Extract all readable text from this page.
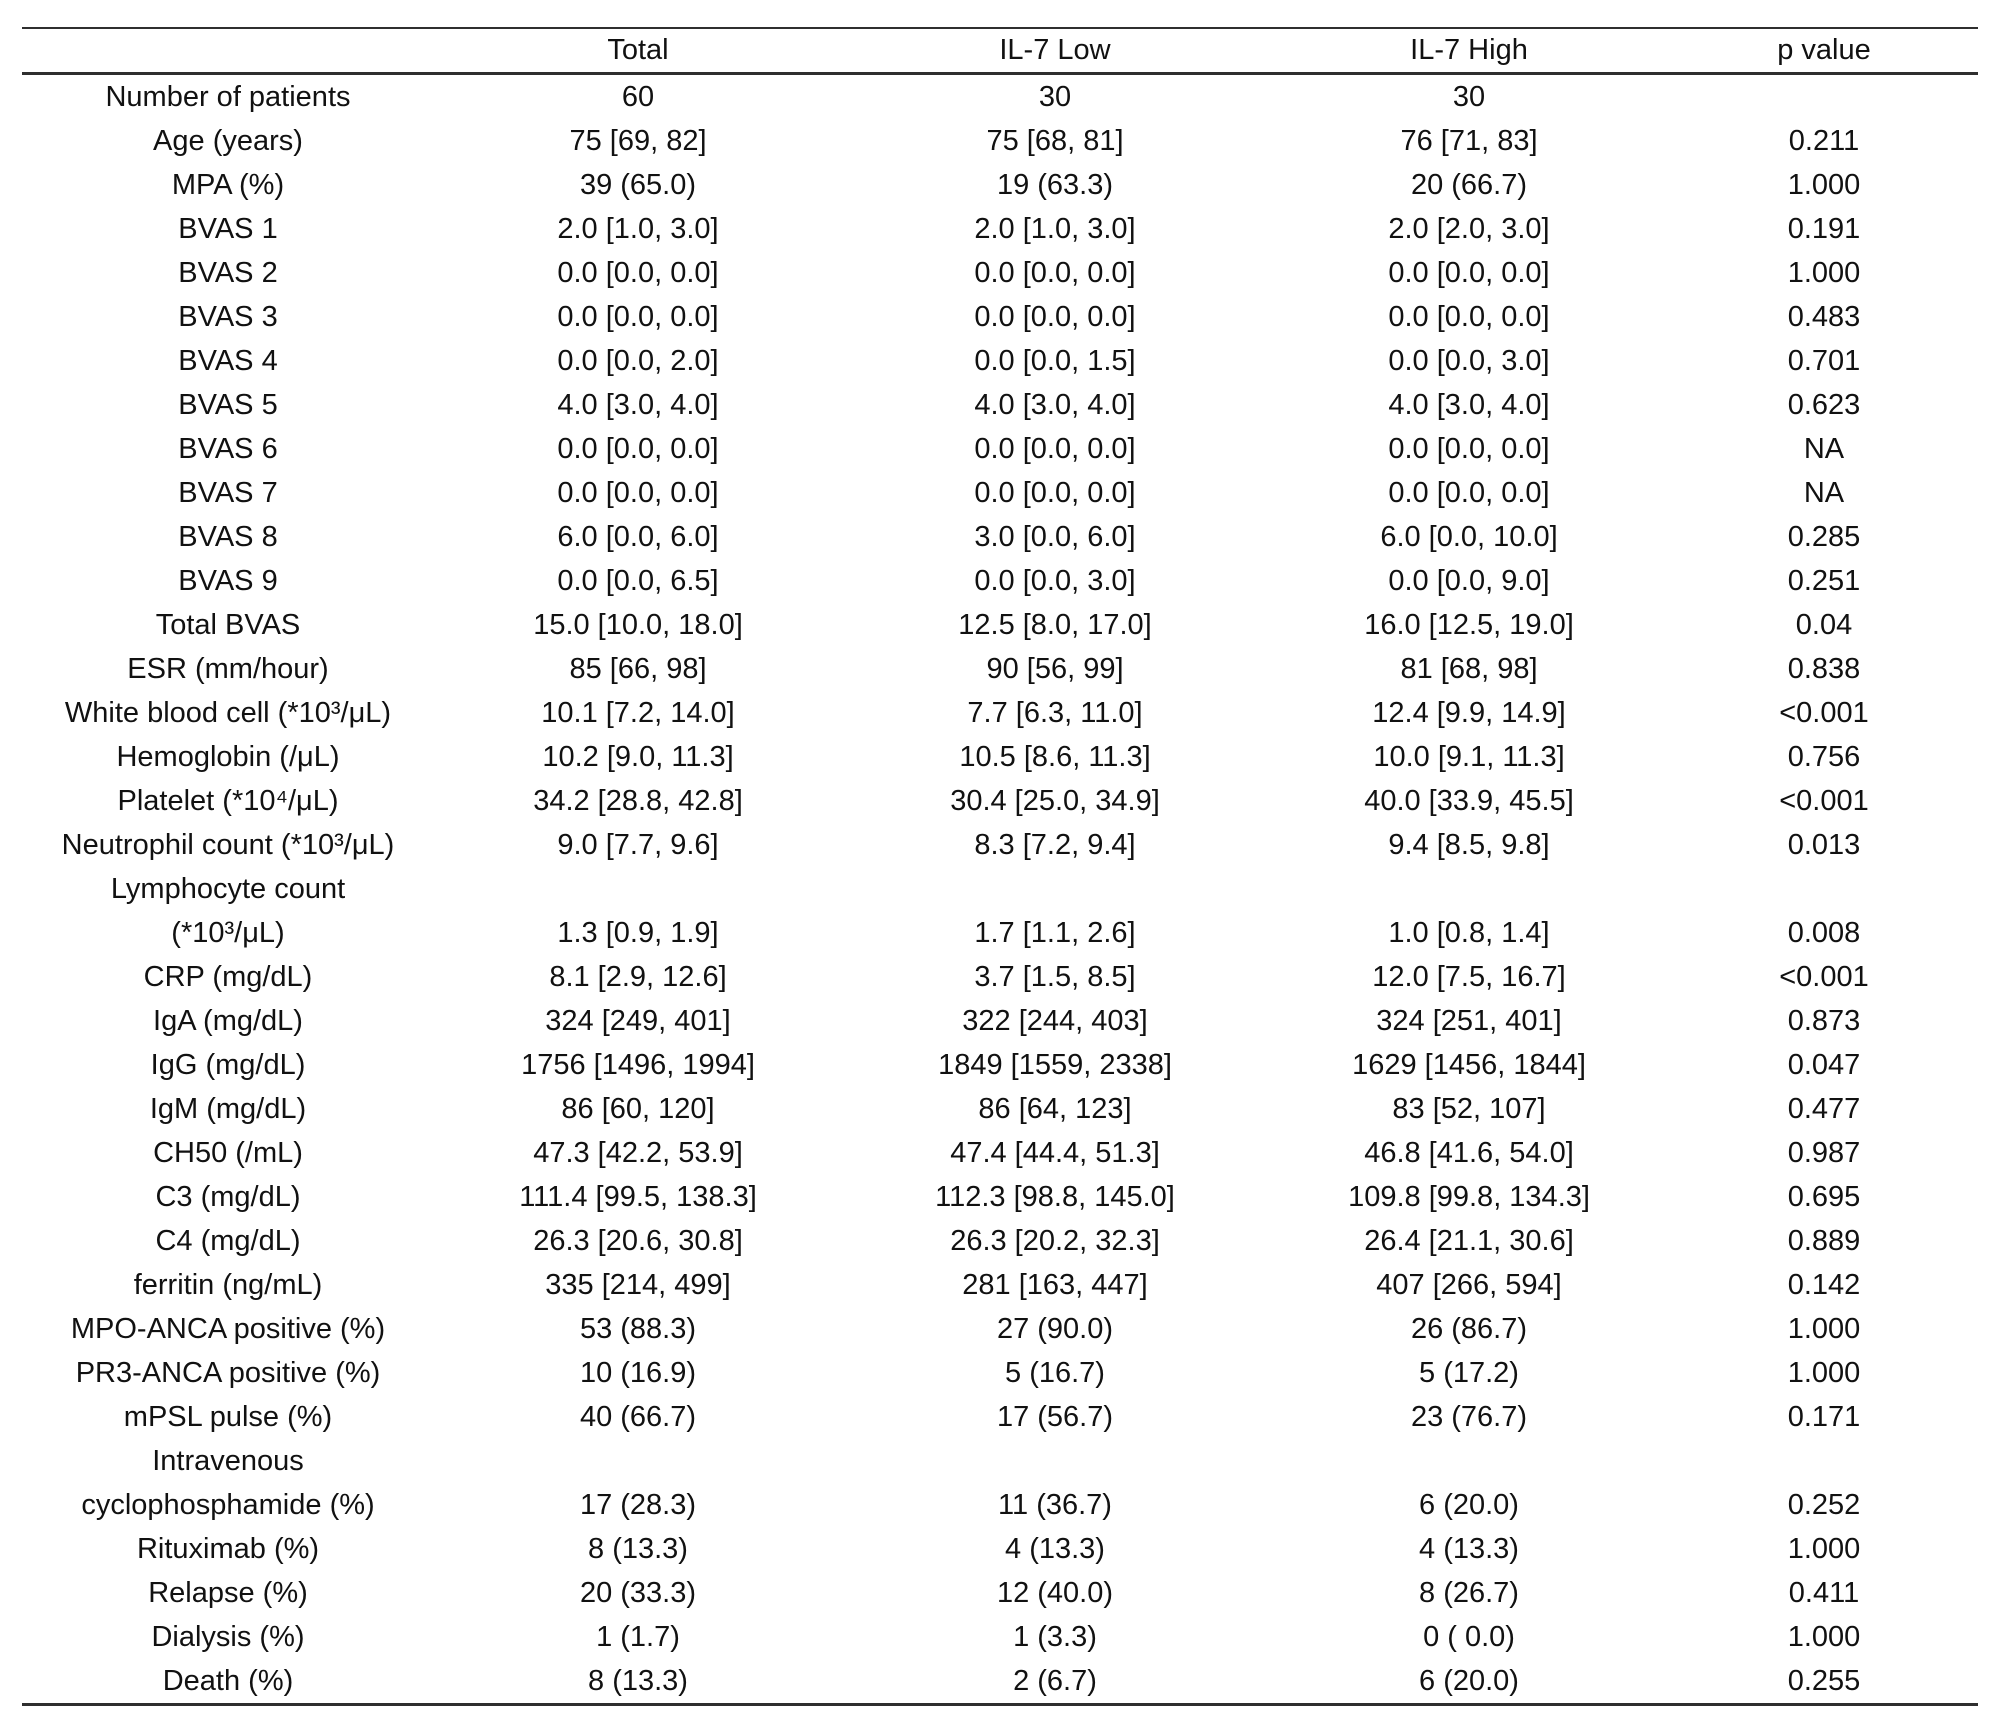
	Total	IL-7 Low	IL-7 High	p value
Number of patients	60	30	30	
Age (years)	75 [69, 82]	75 [68, 81]	76 [71, 83]	0.211
MPA (%)	39 (65.0)	19 (63.3)	20 (66.7)	1.000
BVAS 1	2.0 [1.0, 3.0]	2.0 [1.0, 3.0]	2.0 [2.0, 3.0]	0.191
BVAS 2	0.0 [0.0, 0.0]	0.0 [0.0, 0.0]	0.0 [0.0, 0.0]	1.000
BVAS 3	0.0 [0.0, 0.0]	0.0 [0.0, 0.0]	0.0 [0.0, 0.0]	0.483
BVAS 4	0.0 [0.0, 2.0]	0.0 [0.0, 1.5]	0.0 [0.0, 3.0]	0.701
BVAS 5	4.0 [3.0, 4.0]	4.0 [3.0, 4.0]	4.0 [3.0, 4.0]	0.623
BVAS 6	0.0 [0.0, 0.0]	0.0 [0.0, 0.0]	0.0 [0.0, 0.0]	NA
BVAS 7	0.0 [0.0, 0.0]	0.0 [0.0, 0.0]	0.0 [0.0, 0.0]	NA
BVAS 8	6.0 [0.0, 6.0]	3.0 [0.0, 6.0]	6.0 [0.0, 10.0]	0.285
BVAS 9	0.0 [0.0, 6.5]	0.0 [0.0, 3.0]	0.0 [0.0, 9.0]	0.251
Total BVAS	15.0 [10.0, 18.0]	12.5 [8.0, 17.0]	16.0 [12.5, 19.0]	0.04
ESR (mm/hour)	85 [66, 98]	90 [56, 99]	81 [68, 98]	0.838
White blood cell (*10³/μL)	10.1 [7.2, 14.0]	7.7 [6.3, 11.0]	12.4 [9.9, 14.9]	<0.001
Hemoglobin (/μL)	10.2 [9.0, 11.3]	10.5 [8.6, 11.3]	10.0 [9.1, 11.3]	0.756
Platelet (*10⁴/μL)	34.2 [28.8, 42.8]	30.4 [25.0, 34.9]	40.0 [33.9, 45.5]	<0.001
Neutrophil count (*10³/μL)	9.0 [7.7, 9.6]	8.3 [7.2, 9.4]	9.4 [8.5, 9.8]	0.013
Lymphocyte count
(*10³/μL)	1.3 [0.9, 1.9]	1.7 [1.1, 2.6]	1.0 [0.8, 1.4]	0.008
CRP (mg/dL)	8.1 [2.9, 12.6]	3.7 [1.5, 8.5]	12.0 [7.5, 16.7]	<0.001
IgA (mg/dL)	324 [249, 401]	322 [244, 403]	324 [251, 401]	0.873
IgG (mg/dL)	1756 [1496, 1994]	1849 [1559, 2338]	1629 [1456, 1844]	0.047
IgM (mg/dL)	86 [60, 120]	86 [64, 123]	83 [52, 107]	0.477
CH50 (/mL)	47.3 [42.2, 53.9]	47.4 [44.4, 51.3]	46.8 [41.6, 54.0]	0.987
C3 (mg/dL)	111.4 [99.5, 138.3]	112.3 [98.8, 145.0]	109.8 [99.8, 134.3]	0.695
C4 (mg/dL)	26.3 [20.6, 30.8]	26.3 [20.2, 32.3]	26.4 [21.1, 30.6]	0.889
ferritin (ng/mL)	335 [214, 499]	281 [163, 447]	407 [266, 594]	0.142
MPO-ANCA positive (%)	53 (88.3)	27 (90.0)	26 (86.7)	1.000
PR3-ANCA positive (%)	10 (16.9)	5 (16.7)	5 (17.2)	1.000
mPSL pulse (%)	40 (66.7)	17 (56.7)	23 (76.7)	0.171
Intravenous
cyclophosphamide (%)	17 (28.3)	11 (36.7)	6 (20.0)	0.252
Rituximab (%)	8 (13.3)	4 (13.3)	4 (13.3)	1.000
Relapse (%)	20 (33.3)	12 (40.0)	8 (26.7)	0.411
Dialysis (%)	1 (1.7)	1 (3.3)	0 ( 0.0)	1.000
Death (%)	8 (13.3)	2 (6.7)	6 (20.0)	0.255
